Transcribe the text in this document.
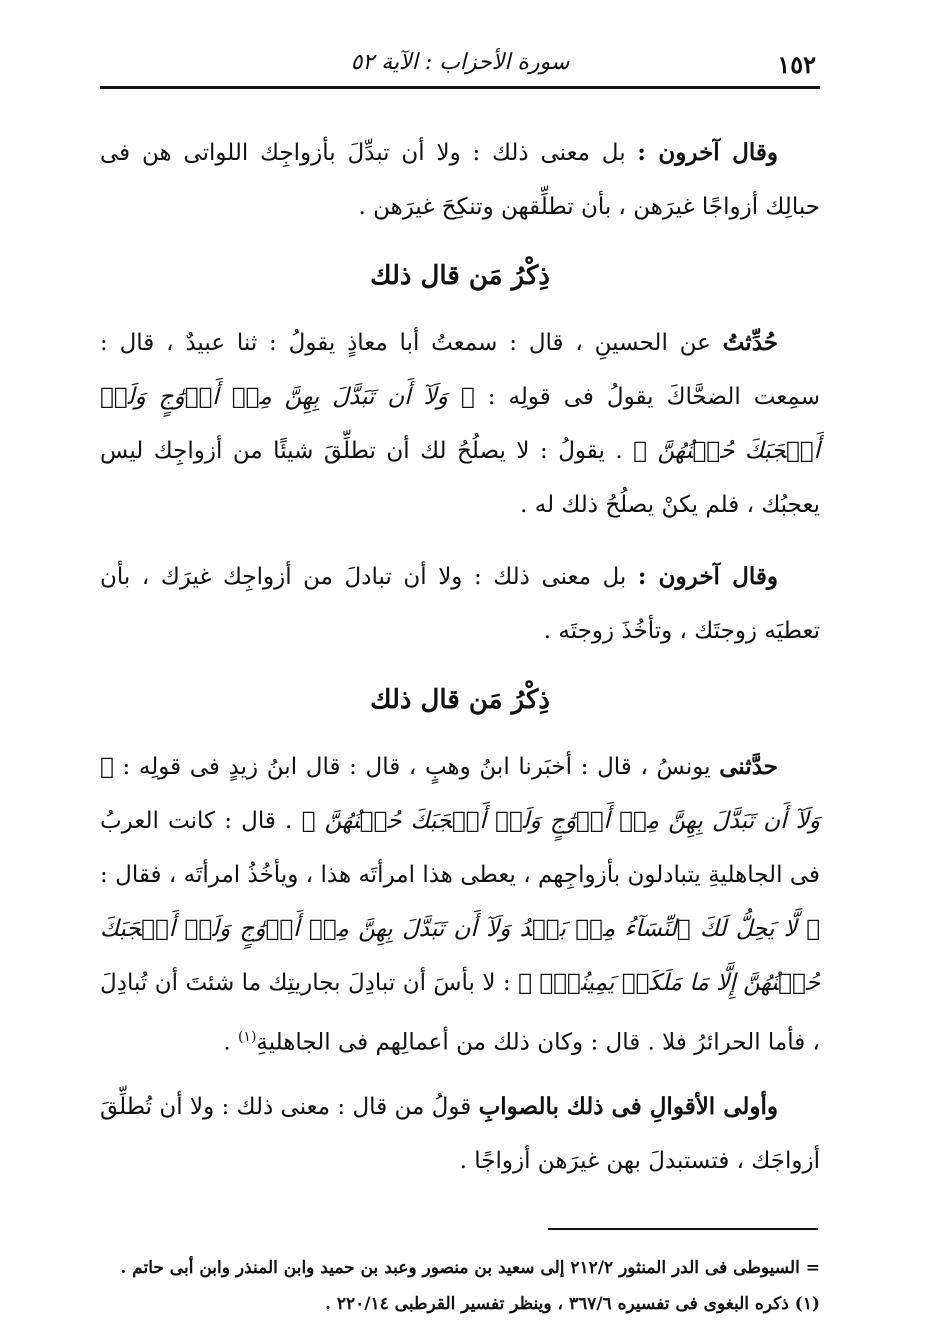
١٥٢
سورة الأحزاب : الآية ٥٢

وقال آخرون : بل معنى ذلك : ولا أن تبدِّلَ بأزواجِك اللواتى هن فى حبالِك أزواجًا غيرَهن ، بأن تطلِّقهن وتنكِحَ غيرَهن .

ذِكْرُ مَن قال ذلك

حُدِّثتُ عن الحسينِ ، قال : سمعتُ أبا معاذٍ يقولُ : ثنا عبيدٌ ، قال : سمِعت الضحَّاكَ يقولُ فى قولِه : ﴿ وَلَآ أَن تَبَدَّلَ بِهِنَّ مِنۡ أَزۡوَٰجٍ وَلَوۡ أَعۡجَبَكَ حُسۡنُهُنَّ ﴾ . يقولُ : لا يصلُحُ لك أن تطلِّقَ شيئًا من أزواجِك ليس يعجبُك ، فلم يكنْ يصلُحُ ذلك له .

وقال آخرون : بل معنى ذلك : ولا أن تبادلَ من أزواجِك غيرَك ، بأن تعطيَه زوجتَك ، وتأخُذَ زوجتَه .

ذِكْرُ مَن قال ذلك

حدَّثنى يونسُ ، قال : أخبَرنا ابنُ وهبٍ ، قال : قال ابنُ زيدٍ فى قولِه : ﴿ وَلَآ أَن تَبَدَّلَ بِهِنَّ مِنۡ أَزۡوَٰجٍ وَلَوۡ أَعۡجَبَكَ حُسۡنُهُنَّ ﴾ . قال : كانت العربُ فى الجاهليةِ يتبادلون بأزواجِهم ، يعطى هذا امرأتَه هذا ، ويأخُذُ امرأتَه ، فقال : ﴿ لَّا يَحِلُّ لَكَ ٱلنِّسَآءُ مِنۢ بَعۡدُ وَلَآ أَن تَبَدَّلَ بِهِنَّ مِنۡ أَزۡوَٰجٍ وَلَوۡ أَعۡجَبَكَ حُسۡنُهُنَّ إِلَّا مَا مَلَكَتۡ يَمِينُكَۗ ﴾ : لا بأسَ أن تبادِلَ بجاريتِك ما شئتَ أن تُبادِلَ ، فأما الحرائرُ فلا . قال : وكان ذلك من أعمالِهم فى الجاهليةِ$^{(١)}$ .

وأولى الأقوالِ فى ذلك بالصوابِ قولُ من قال : معنى ذلك : ولا أن تُطلِّقَ أزواجَك ، فتستبدلَ بهن غيرَهن أزواجًا .

= السيوطى فى الدر المنثور ٢١٢/٢ إلى سعيد بن منصور وعبد بن حميد وابن المنذر وابن أبى حاتم .
(١) ذكره البغوى فى تفسيره ٣٦٧/٦ ، وينظر تفسير القرطبى ٢٢٠/١٤ .
